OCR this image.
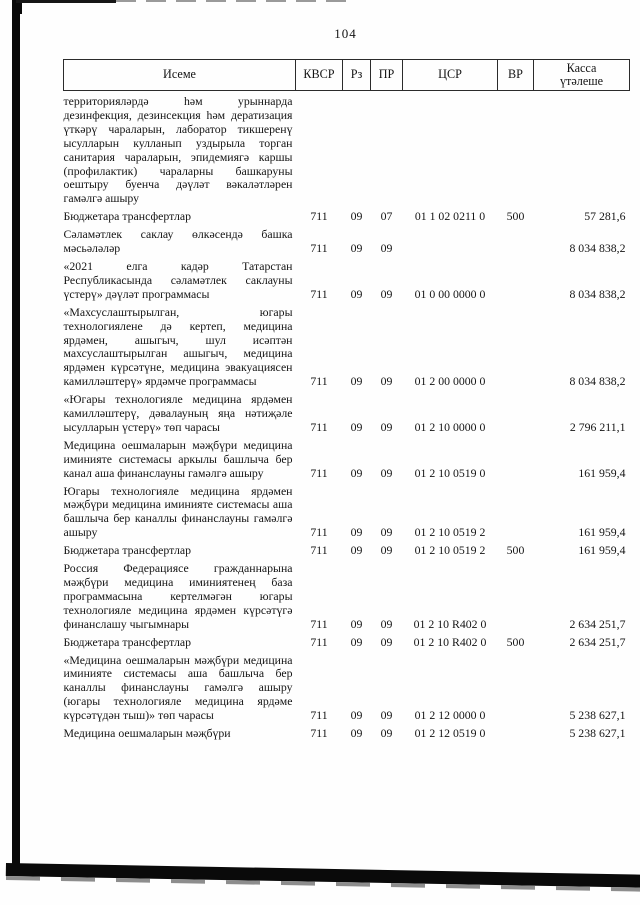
104
Исеме	КВСР	Рз	ПР	ЦСР	ВР	Касса үтәлеше

территорияләрдә һәм урыннарда дезинфекция, дезинсекция һәм дератизация үткәрү чараларын, лаборатор тикшеренү ысулларын кулланып уздырыла торган санитария чараларын, эпидемиягә каршы (профилактик) чараларны башкаруны оештыру буенча дәүләт вәкаләтләрен гамәлгә ашыру						
Бюджетара трансфертлар	711	09	07	01 1 02 0211 0	500	57 281,6
Сәламәтлек саклау өлкәсендә башка мәсьәләләр	711	09	09			8 034 838,2
«2021 елга кадәр Татарстан Республикасында сәламәтлек саклауны үстерү» дәүләт программасы	711	09	09	01 0 00 0000 0		8 034 838,2
«Махсуслаштырылган, югары технологиялене дә кертеп, медицина ярдәмен, ашыгыч, шул исәптән махсуслаштырылган ашыгыч, медицина ярдәмен күрсәтүне, медицина эвакуациясен камилләштерү» ярдәмче программасы	711	09	09	01 2 00 0000 0		8 034 838,2
«Югары технологияле медицина ярдәмен камилләштерү, дәвалауның яңа нәтиҗәле ысулларын үстерү» төп чарасы	711	09	09	01 2 10 0000 0		2 796 211,1
Медицина оешмаларын мәҗбүри медицина иминияте системасы аркылы башлыча бер канал аша финанслауны гамәлгә ашыру	711	09	09	01 2 10 0519 0		161 959,4
Югары технологияле медицина ярдәмен мәҗбүри медицина иминияте системасы аша башлыча бер каналлы финанслауны гамәлгә ашыру	711	09	09	01 2 10 0519 2		161 959,4
Бюджетара трансфертлар	711	09	09	01 2 10 0519 2	500	161 959,4
Россия Федерациясе гражданнарына мәҗбүри медицина иминиятенең база программасына кертелмәгән югары технологияле медицина ярдәмен күрсәтүгә финанслашу чыгымнары	711	09	09	01 2 10 R402 0		2 634 251,7
Бюджетара трансфертлар	711	09	09	01 2 10 R402 0	500	2 634 251,7
«Медицина оешмаларын мәҗбүри медицина иминияте системасы аша башлыча бер каналлы финанслауны гамәлгә ашыру (югары технологияле медицина ярдәме күрсәтүдән тыш)» төп чарасы	711	09	09	01 2 12 0000 0		5 238 627,1
Медицина оешмаларын мәҗбүри	711	09	09	01 2 12 0519 0		5 238 627,1
